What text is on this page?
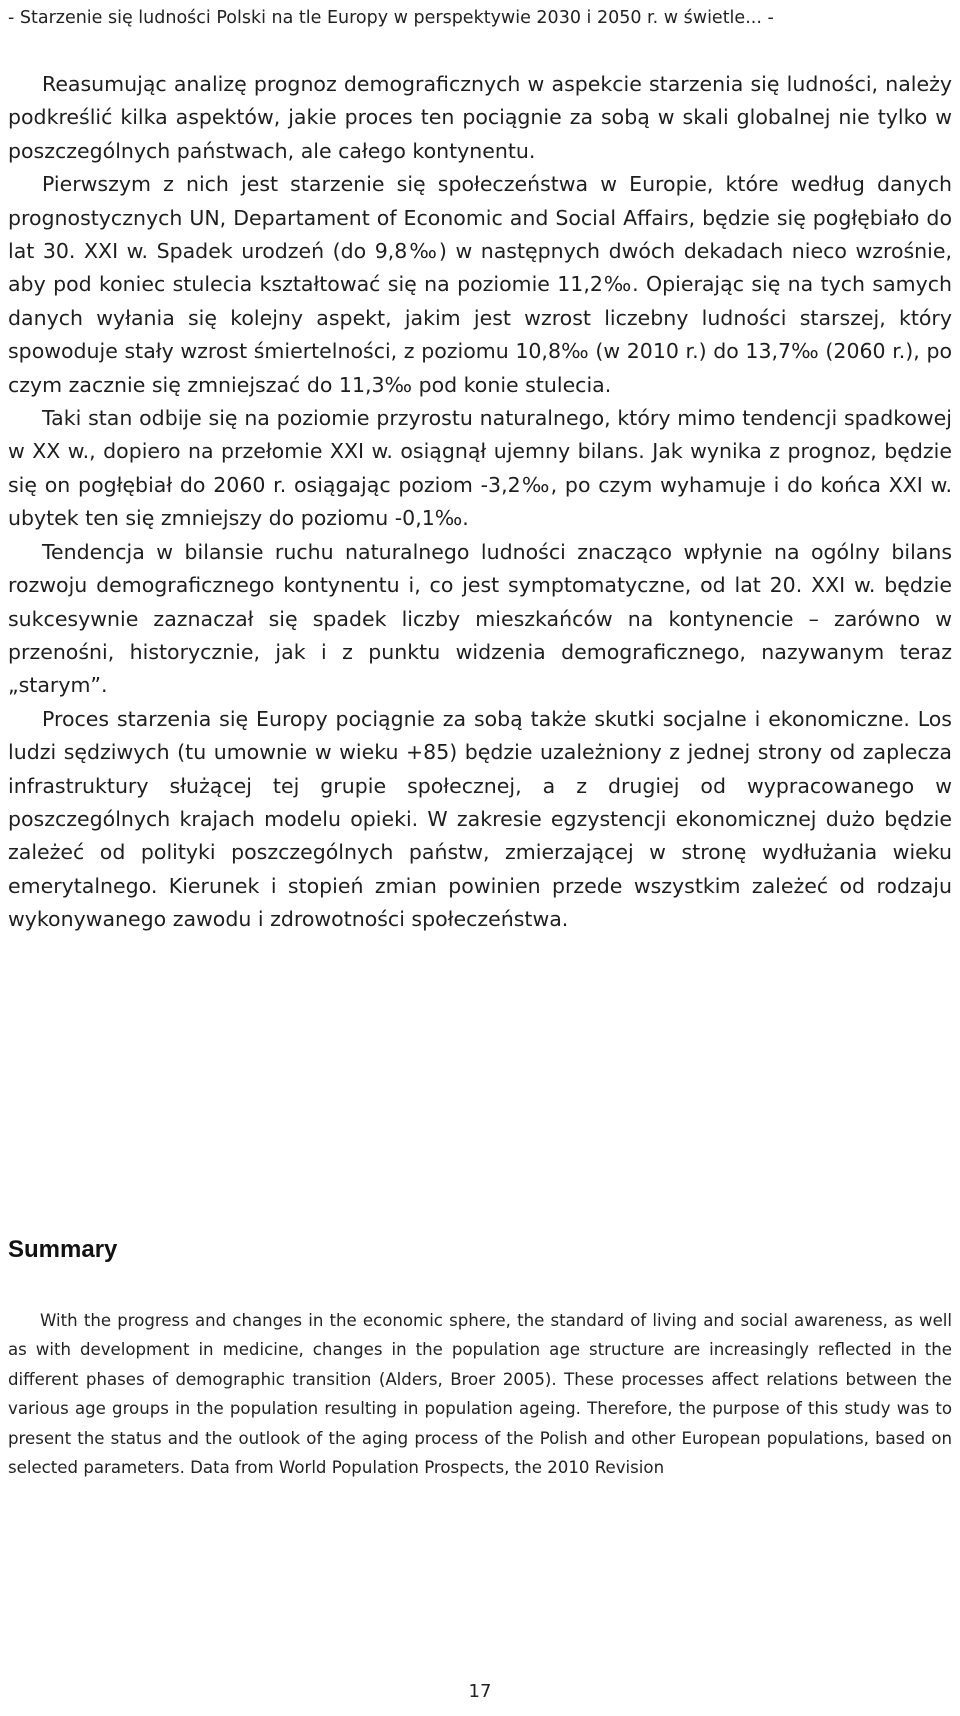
- Starzenie się ludności Polski na tle Europy w perspektywie 2030 i 2050 r. w świetle... -

Reasumując analizę prognoz demograficznych w aspekcie starzenia się ludności, należy podkreślić kilka aspektów, jakie proces ten pociągnie za sobą w skali globalnej nie tylko w poszczególnych państwach, ale całego kontynentu.

Pierwszym z nich jest starzenie się społeczeństwa w Europie, które według danych prognostycznych UN, Departament of Economic and Social Affairs, będzie się pogłębiało do lat 30. XXI w. Spadek urodzeń (do 9,8‰) w następnych dwóch dekadach nieco wzrośnie, aby pod koniec stulecia kształtować się na poziomie 11,2‰. Opierając się na tych samych danych wyłania się kolejny aspekt, jakim jest wzrost liczebny ludności starszej, który spowoduje stały wzrost śmiertelności, z poziomu 10,8‰ (w 2010 r.) do 13,7‰ (2060 r.), po czym zacznie się zmniejszać do 11,3‰ pod konie stulecia.

Taki stan odbije się na poziomie przyrostu naturalnego, który mimo tendencji spadkowej w XX w., dopiero na przełomie XXI w. osiągnął ujemny bilans. Jak wynika z prognoz, będzie się on pogłębiał do 2060 r. osiągając poziom -3,2‰, po czym wyhamuje i do końca XXI w. ubytek ten się zmniejszy do poziomu -0,1‰.

Tendencja w bilansie ruchu naturalnego ludności znacząco wpłynie na ogólny bilans rozwoju demograficznego kontynentu i, co jest symptomatyczne, od lat 20. XXI w. będzie sukcesywnie zaznaczał się spadek liczby mieszkańców na kontynencie – zarówno w przenośni, historycznie, jak i z punktu widzenia demograficznego, nazywanym teraz „starym”.

Proces starzenia się Europy pociągnie za sobą także skutki socjalne i ekonomiczne. Los ludzi sędziwych (tu umownie w wieku +85) będzie uzależniony z jednej strony od zaplecza infrastruktury służącej tej grupie społecznej, a z drugiej od wypracowanego w poszczególnych krajach modelu opieki. W zakresie egzystencji ekonomicznej dużo będzie zależeć od polityki poszczególnych państw, zmierzającej w stronę wydłużania wieku emerytalnego. Kierunek i stopień zmian powinien przede wszystkim zależeć od rodzaju wykonywanego zawodu i zdrowotności społeczeństwa.

Summary

With the progress and changes in the economic sphere, the standard of living and social awareness, as well as with development in medicine, changes in the population age structure are increasingly reflected in the different phases of demographic transition (Alders, Broer 2005). These processes affect relations between the various age groups in the population resulting in population ageing. Therefore, the purpose of this study was to present the status and the outlook of the aging process of the Polish and other European populations, based on selected parameters. Data from World Population Prospects, the 2010 Revision

17
